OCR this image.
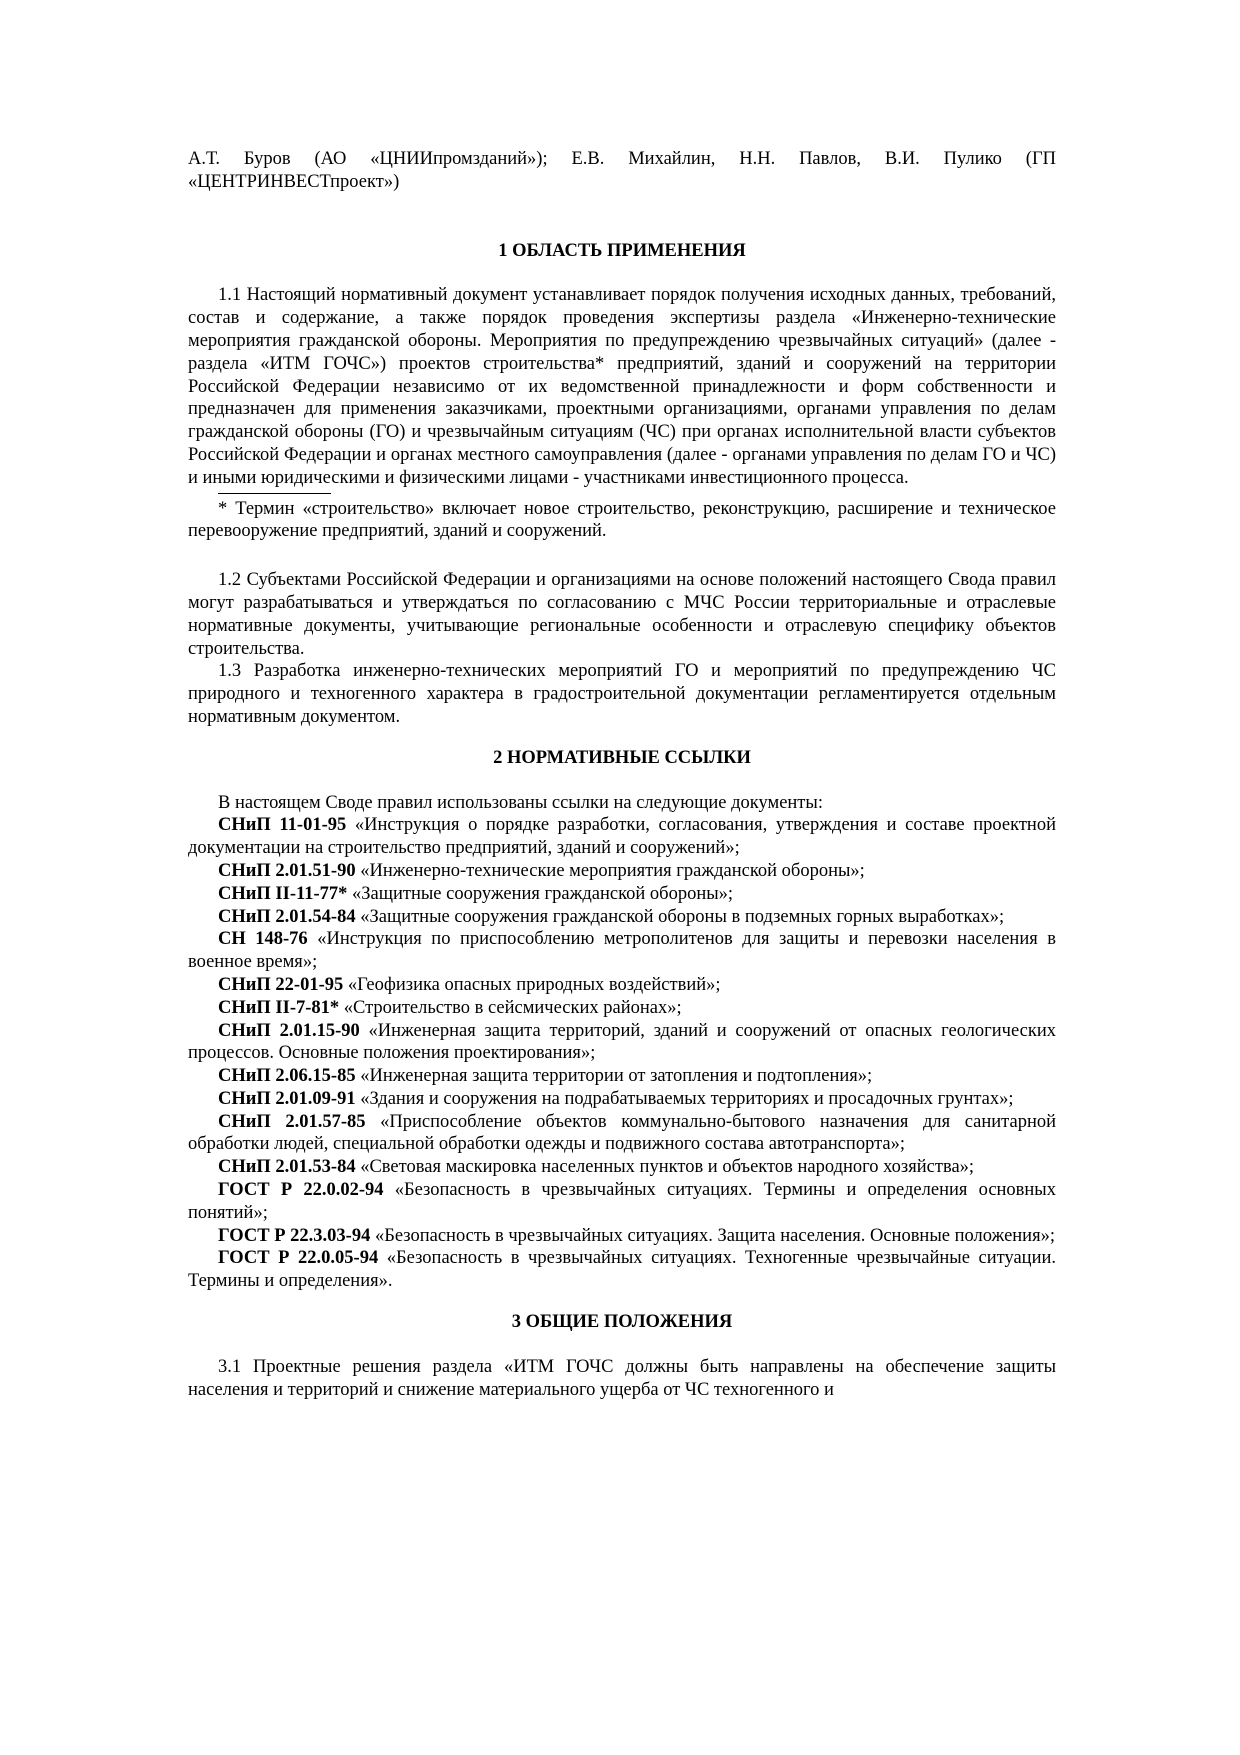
А.Т. Буров (АО «ЦНИИпромзданий»); Е.В. Михайлин, Н.Н. Павлов, В.И. Пулико (ГП «ЦЕНТРИНВЕСТпроект»)

1 ОБЛАСТЬ ПРИМЕНЕНИЯ

1.1 Настоящий нормативный документ устанавливает порядок получения исходных данных, требований, состав и содержание, а также порядок проведения экспертизы раздела «Инженерно-технические мероприятия гражданской обороны. Мероприятия по предупреждению чрезвычайных ситуаций» (далее - раздела «ИТМ ГОЧС») проектов строительства* предприятий, зданий и сооружений на территории Российской Федерации независимо от их ведомственной принадлежности и форм собственности и предназначен для применения заказчиками, проектными организациями, органами управления по делам гражданской обороны (ГО) и чрезвычайным ситуациям (ЧС) при органах исполнительной власти субъектов Российской Федерации и органах местного самоуправления (далее - органами управления по делам ГО и ЧС) и иными юридическими и физическими лицами - участниками инвестиционного процесса.

* Термин «строительство» включает новое строительство, реконструкцию, расширение и техническое перевооружение предприятий, зданий и сооружений.

1.2 Субъектами Российской Федерации и организациями на основе положений настоящего Свода правил могут разрабатываться и утверждаться по согласованию с МЧС России территориальные и отраслевые нормативные документы, учитывающие региональные особенности и отраслевую специфику объектов строительства.

1.3 Разработка инженерно-технических мероприятий ГО и мероприятий по предупреждению ЧС природного и техногенного характера в градостроительной документации регламентируется отдельным нормативным документом.

2 НОРМАТИВНЫЕ ССЫЛКИ

В настоящем Своде правил использованы ссылки на следующие документы:

СНиП 11-01-95 «Инструкция о порядке разработки, согласования, утверждения и составе проектной документации на строительство предприятий, зданий и сооружений»;

СНиП 2.01.51-90 «Инженерно-технические мероприятия гражданской обороны»;

СНиП II-11-77* «Защитные сооружения гражданской обороны»;

СНиП 2.01.54-84 «Защитные сооружения гражданской обороны в подземных горных выработках»;

СН 148-76 «Инструкция по приспособлению метрополитенов для защиты и перевозки населения в военное время»;

СНиП 22-01-95 «Геофизика опасных природных воздействий»;

СНиП II-7-81* «Строительство в сейсмических районах»;

СНиП 2.01.15-90 «Инженерная защита территорий, зданий и сооружений от опасных геологических процессов. Основные положения проектирования»;

СНиП 2.06.15-85 «Инженерная защита территории от затопления и подтопления»;

СНиП 2.01.09-91 «Здания и сооружения на подрабатываемых территориях и просадочных грунтах»;

СНиП 2.01.57-85 «Приспособление объектов коммунально-бытового назначения для санитарной обработки людей, специальной обработки одежды и подвижного состава автотранспорта»;

СНиП 2.01.53-84 «Световая маскировка населенных пунктов и объектов народного хозяйства»;

ГОСТ Р 22.0.02-94 «Безопасность в чрезвычайных ситуациях. Термины и определения основных понятий»;

ГОСТ Р 22.3.03-94 «Безопасность в чрезвычайных ситуациях. Защита населения. Основные положения»;

ГОСТ Р 22.0.05-94 «Безопасность в чрезвычайных ситуациях. Техногенные чрезвычайные ситуации. Термины и определения».

3 ОБЩИЕ ПОЛОЖЕНИЯ

3.1 Проектные решения раздела «ИТМ ГОЧС должны быть направлены на обеспечение защиты населения и территорий и снижение материального ущерба от ЧС техногенного и
